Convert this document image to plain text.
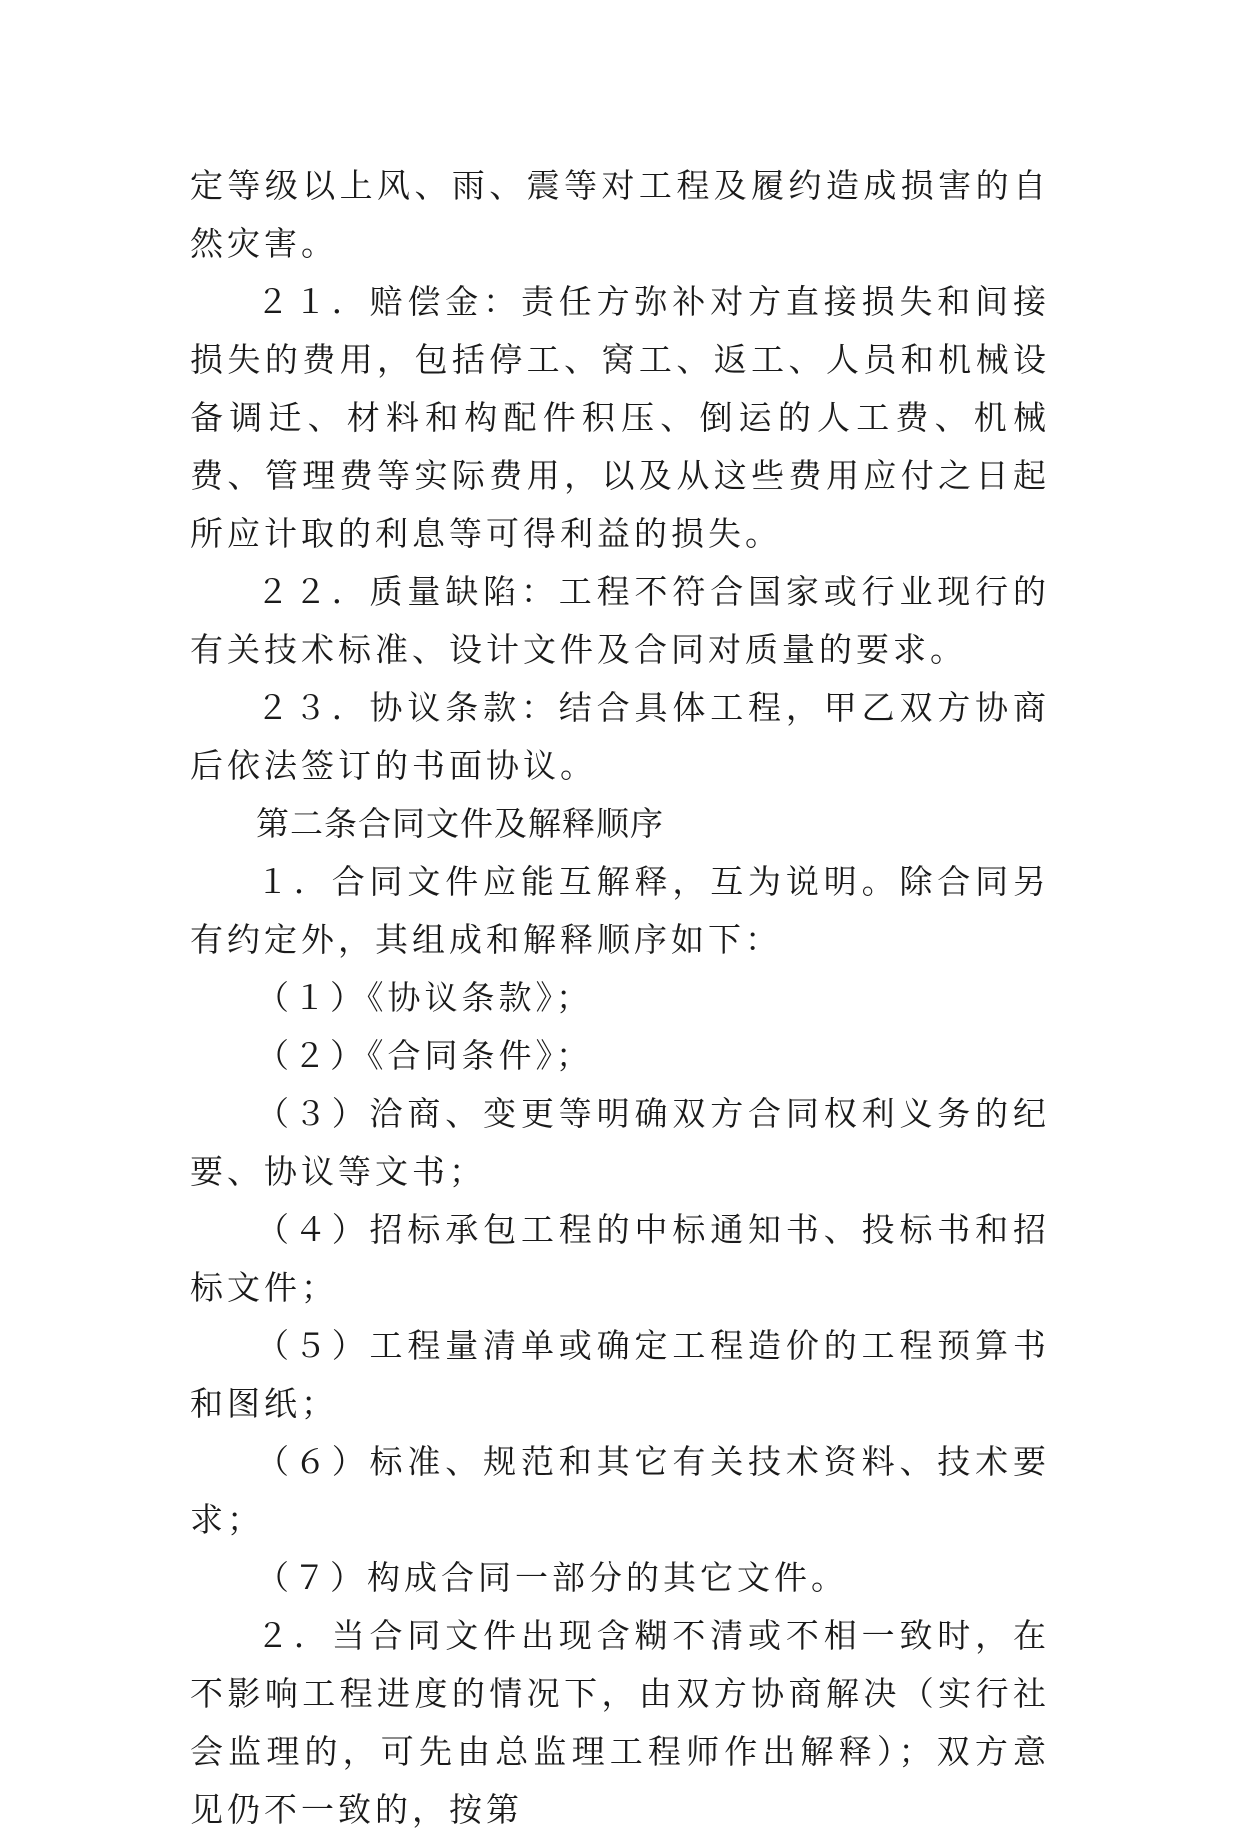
定等级以上风、雨、震等对工程及履约造成损害的自然灾害。

２１．赔偿金：责任方弥补对方直接损失和间接损失的费用，包括停工、窝工、返工、人员和机械设备调迁、材料和构配件积压、倒运的人工费、机械费、管理费等实际费用，以及从这些费用应付之日起所应计取的利息等可得利益的损失。

２２．质量缺陷：工程不符合国家或行业现行的有关技术标准、设计文件及合同对质量的要求。

２３．协议条款：结合具体工程，甲乙双方协商后依法签订的书面协议。

第二条合同文件及解释顺序

１．合同文件应能互解释，互为说明。除合同另有约定外，其组成和解释顺序如下：

（１）《协议条款》；

（２）《合同条件》；

（３）洽商、变更等明确双方合同权利义务的纪要、协议等文书；

（４）招标承包工程的中标通知书、投标书和招标文件；

（５）工程量清单或确定工程造价的工程预算书和图纸；

（６）标准、规范和其它有关技术资料、技术要求；

（７）构成合同一部分的其它文件。

２．当合同文件出现含糊不清或不相一致时，在不影响工程进度的情况下，由双方协商解决（实行社会监理的，可先由总监理工程师作出解释）；双方意见仍不一致的，按第
